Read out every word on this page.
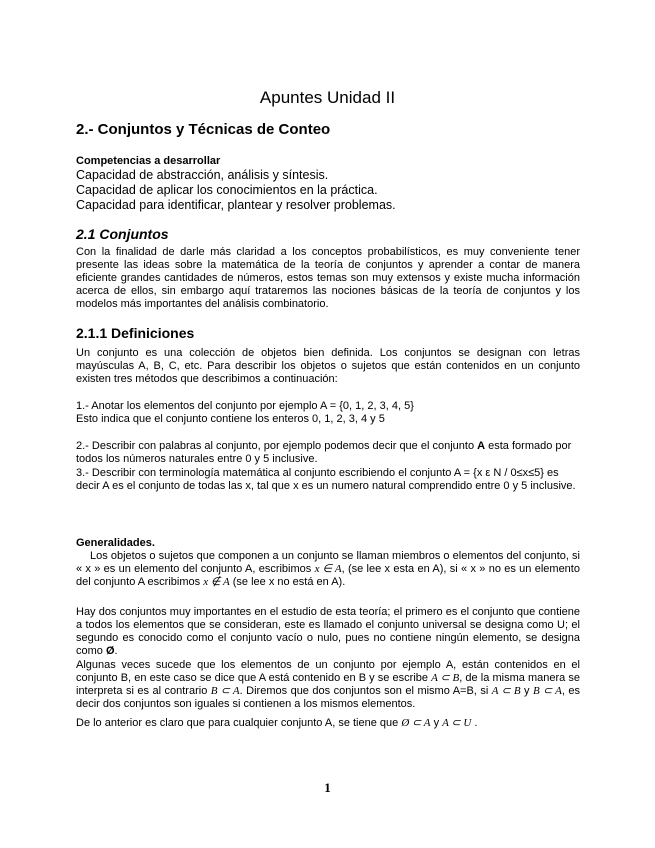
Apuntes Unidad II
2.- Conjuntos y Técnicas de Conteo
Competencias a desarrollar
Capacidad de abstracción, análisis y síntesis.
Capacidad de aplicar los conocimientos en la práctica.
Capacidad para identificar, plantear y resolver problemas.
2.1 Conjuntos
Con la finalidad de darle más claridad a los conceptos probabilísticos, es muy conveniente tener presente las ideas sobre la matemática de la teoría de conjuntos y aprender a contar de manera eficiente grandes cantidades de números, estos temas son muy extensos y existe mucha información acerca de ellos, sin embargo aquí trataremos las nociones básicas de la teoría de conjuntos y los modelos más importantes del análisis combinatorio.
2.1.1 Definiciones
Un conjunto es una colección de objetos bien definida. Los conjuntos se designan con letras mayúsculas A, B, C, etc. Para describir los objetos o sujetos que están contenidos en un conjunto existen tres métodos que describimos a continuación:

1.- Anotar los elementos del conjunto por ejemplo A = {0, 1, 2, 3, 4, 5}

Esto indica que el conjunto contiene los enteros 0, 1, 2, 3, 4 y 5

2.- Describir con palabras al conjunto, por ejemplo podemos decir que el conjunto A esta formado por todos los números naturales entre 0 y 5 inclusive.
3.- Describir con terminología matemática al conjunto escribiendo el conjunto A = {x ε N / 0≤x≤5} es decir A es el conjunto de todas las x, tal que x es un numero natural comprendido entre 0 y 5 inclusive.
Generalidades.
Los objetos o sujetos que componen a un conjunto se llaman miembros o elementos del conjunto, si « x » es un elemento del conjunto A, escribimos x ∈ A, (se lee x esta en A), si « x » no es un elemento del conjunto A escribimos x ∉ A (se lee x no está en A).
Hay dos conjuntos muy importantes en el estudio de esta teoría; el primero es el conjunto que contiene a todos los elementos que se consideran, este es llamado el conjunto universal se designa como U; el segundo es conocido como el conjunto vacío o nulo, pues no contiene ningún elemento, se designa como Ø.
Algunas veces sucede que los elementos de un conjunto por ejemplo A, están contenidos en el conjunto B, en este caso se dice que A está contenido en B y se escribe A ⊂ B, de la misma manera se interpreta si es al contrario B ⊂ A. Diremos que dos conjuntos son el mismo A=B, si A ⊂ B y B ⊂ A, es decir dos conjuntos son iguales si contienen a los mismos elementos.
De lo anterior es claro que para cualquier conjunto A, se tiene que Ø ⊂ A y A ⊂ U .
1
